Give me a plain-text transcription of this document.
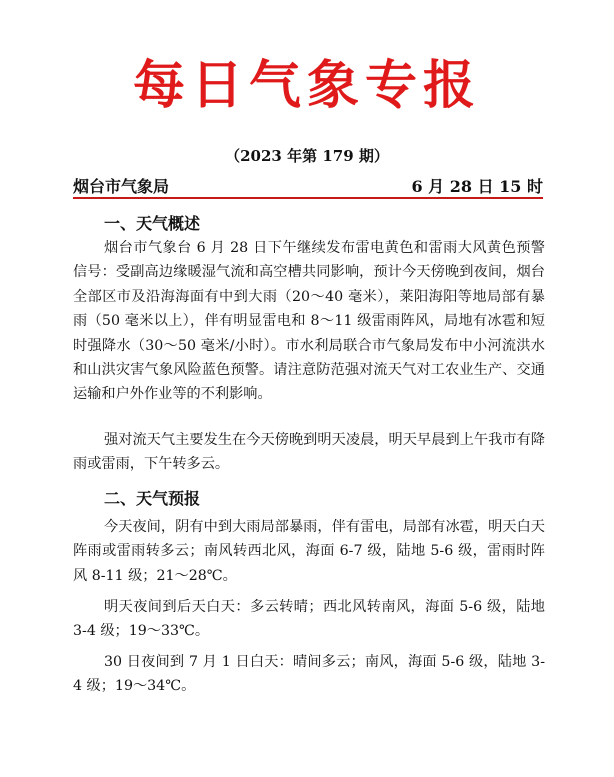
每日气象专报
（2023 年第 179 期）
烟台市气象局	6 月 28 日 15 时
一、天气概述
烟台市气象台 6 月 28 日下午继续发布雷电黄色和雷雨大风黄色预警信号：受副高边缘暖湿气流和高空槽共同影响，预计今天傍晚到夜间，烟台全部区市及沿海海面有中到大雨（20～40 毫米），莱阳海阳等地局部有暴雨（50 毫米以上），伴有明显雷电和 8～11 级雷雨阵风，局地有冰雹和短时强降水（30～50 毫米/小时）。市水利局联合市气象局发布中小河流洪水和山洪灾害气象风险蓝色预警。请注意防范强对流天气对工农业生产、交通运输和户外作业等的不利影响。
强对流天气主要发生在今天傍晚到明天凌晨，明天早晨到上午我市有降雨或雷雨，下午转多云。
二、天气预报
今天夜间，阴有中到大雨局部暴雨，伴有雷电，局部有冰雹，明天白天阵雨或雷雨转多云；南风转西北风，海面 6-7 级，陆地 5-6 级，雷雨时阵风 8-11 级；21～28℃。
明天夜间到后天白天：多云转晴；西北风转南风，海面 5-6 级，陆地 3-4 级；19～33℃。
30 日夜间到 7 月 1 日白天：晴间多云；南风，海面 5-6 级，陆地 3-4 级；19～34℃。
